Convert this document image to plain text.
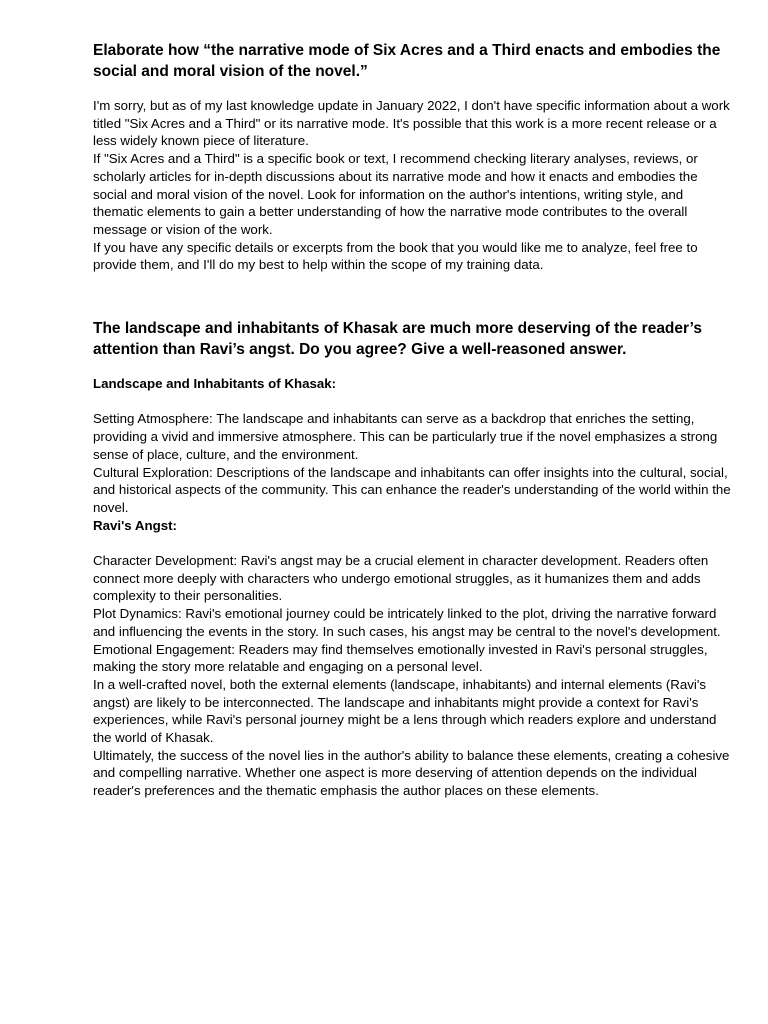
Elaborate how “the narrative mode of Six Acres and a Third enacts and embodies the social and moral vision of the novel.”

I'm sorry, but as of my last knowledge update in January 2022, I don't have specific information about a work titled "Six Acres and a Third" or its narrative mode. It's possible that this work is a more recent release or a less widely known piece of literature.

If "Six Acres and a Third" is a specific book or text, I recommend checking literary analyses, reviews, or scholarly articles for in-depth discussions about its narrative mode and how it enacts and embodies the social and moral vision of the novel. Look for information on the author's intentions, writing style, and thematic elements to gain a better understanding of how the narrative mode contributes to the overall message or vision of the work.

If you have any specific details or excerpts from the book that you would like me to analyze, feel free to provide them, and I'll do my best to help within the scope of my training data.

The landscape and inhabitants of Khasak are much more deserving of the reader’s attention than Ravi’s angst. Do you agree? Give a well-reasoned answer.

Landscape and Inhabitants of Khasak:

Setting Atmosphere: The landscape and inhabitants can serve as a backdrop that enriches the setting, providing a vivid and immersive atmosphere. This can be particularly true if the novel emphasizes a strong sense of place, culture, and the environment.

Cultural Exploration: Descriptions of the landscape and inhabitants can offer insights into the cultural, social, and historical aspects of the community. This can enhance the reader's understanding of the world within the novel.

Ravi's Angst:

Character Development: Ravi's angst may be a crucial element in character development. Readers often connect more deeply with characters who undergo emotional struggles, as it humanizes them and adds complexity to their personalities.

Plot Dynamics: Ravi's emotional journey could be intricately linked to the plot, driving the narrative forward and influencing the events in the story. In such cases, his angst may be central to the novel's development.

Emotional Engagement: Readers may find themselves emotionally invested in Ravi's personal struggles, making the story more relatable and engaging on a personal level.

In a well-crafted novel, both the external elements (landscape, inhabitants) and internal elements (Ravi's angst) are likely to be interconnected. The landscape and inhabitants might provide a context for Ravi's experiences, while Ravi's personal journey might be a lens through which readers explore and understand the world of Khasak.

Ultimately, the success of the novel lies in the author's ability to balance these elements, creating a cohesive and compelling narrative. Whether one aspect is more deserving of attention depends on the individual reader's preferences and the thematic emphasis the author places on these elements.
